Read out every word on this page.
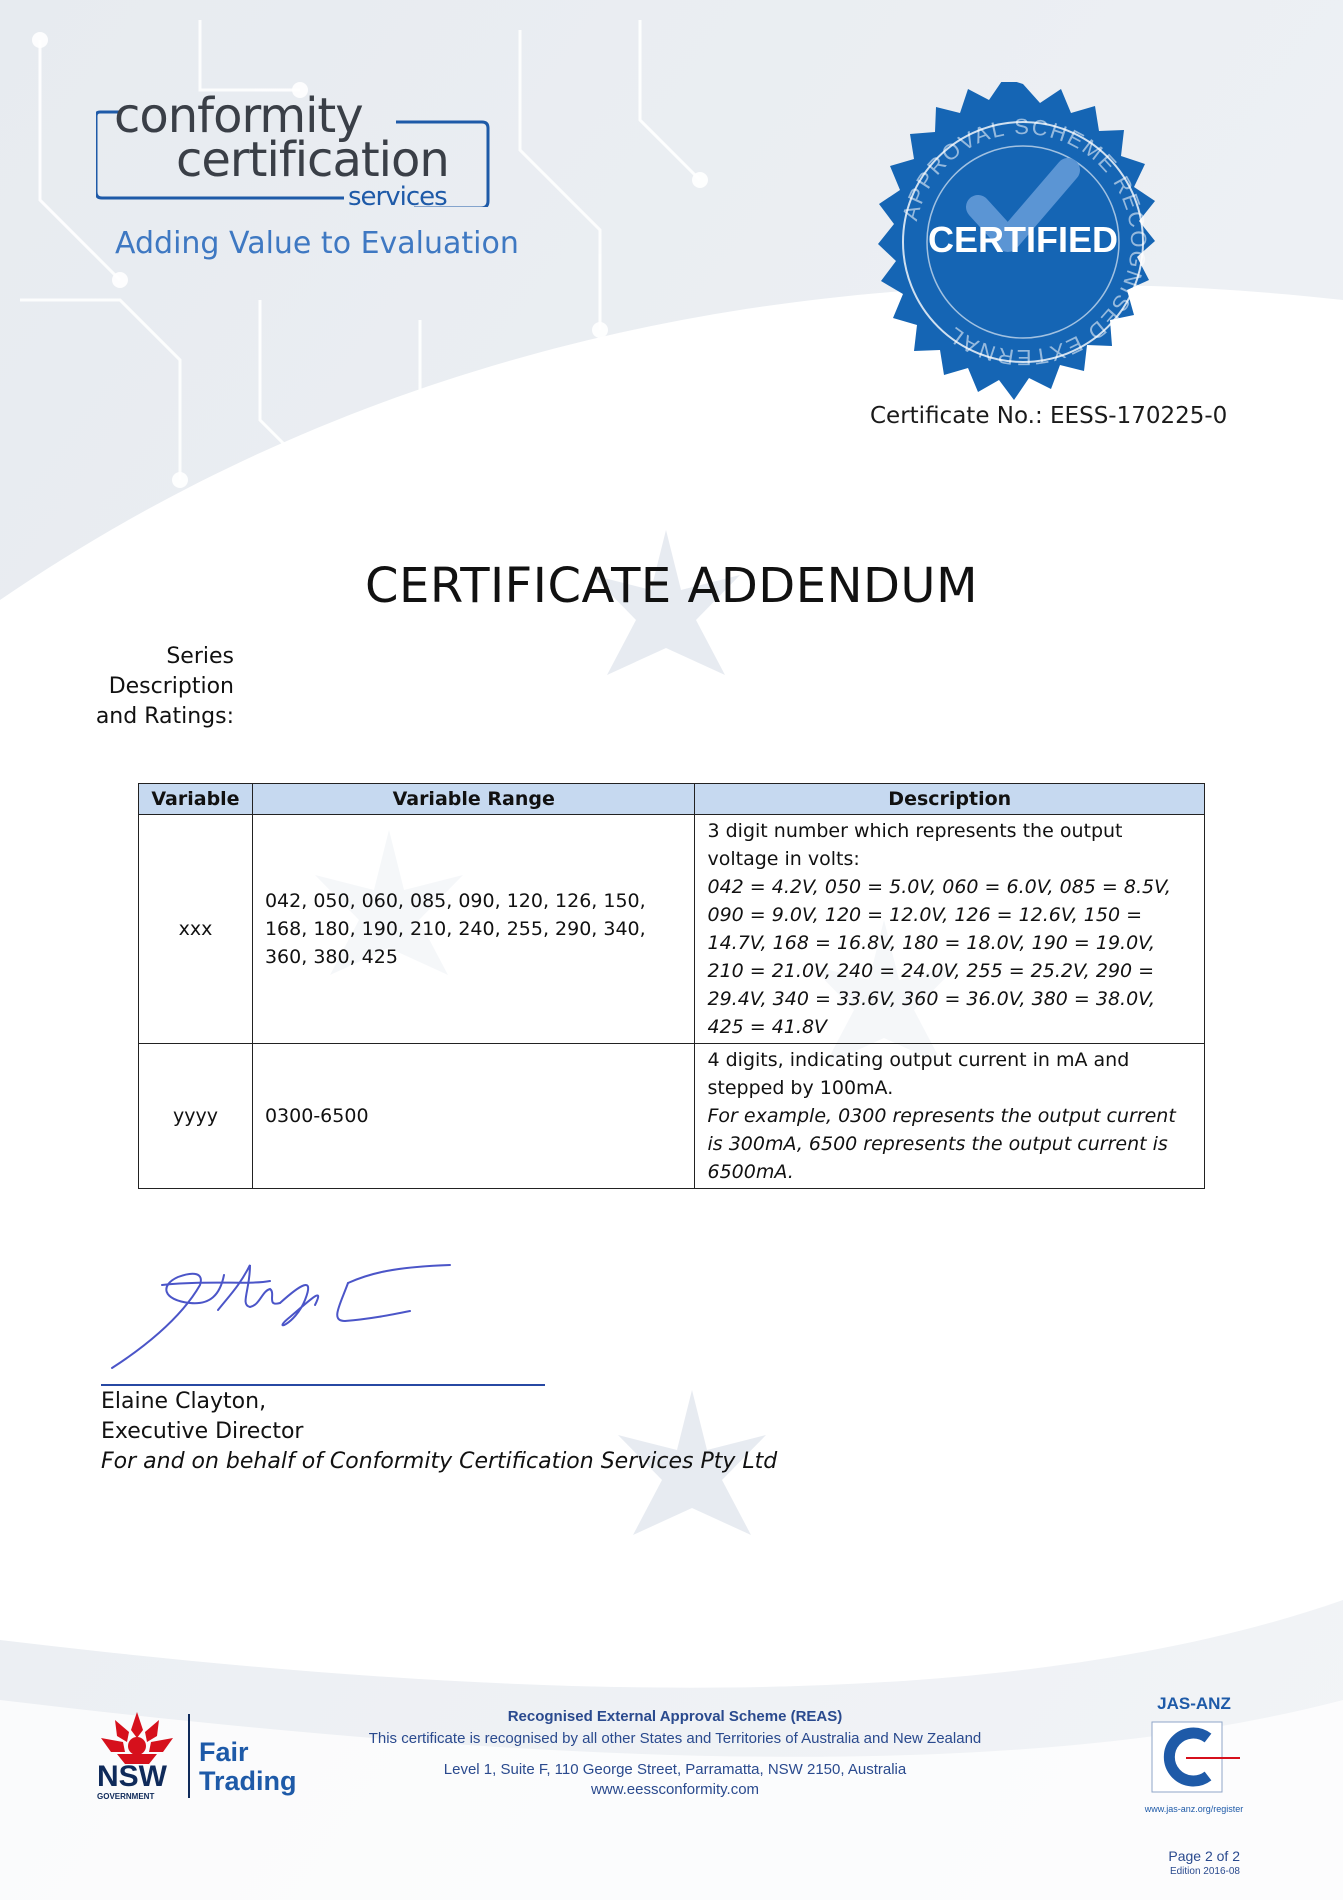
conformity
certification
services
Adding Value to Evaluation	CERTIFIED
APPROVAL SCHEME RECOGNISED EXTERNAL
Certificate No.: EESS-170225-0
CERTIFICATE ADDENDUM
Series
Description
and Ratings:
Variable	Variable Range	Description
xxx	042, 050, 060, 085, 090, 120, 126, 150, 168, 180, 190, 210, 240, 255, 290, 340, 360, 380, 425	3 digit number which represents the output voltage in volts:
042 = 4.2V, 050 = 5.0V, 060 = 6.0V, 085 = 8.5V, 090 = 9.0V, 120 = 12.0V, 126 = 12.6V, 150 = 14.7V, 168 = 16.8V, 180 = 18.0V, 190 = 19.0V, 210 = 21.0V, 240 = 24.0V, 255 = 25.2V, 290 = 29.4V, 340 = 33.6V, 360 = 36.0V, 380 = 38.0V, 425 = 41.8V
yyyy	0300-6500	4 digits, indicating output current in mA and stepped by 100mA.
For example, 0300 represents the output current is 300mA, 6500 represents the output current is 6500mA.
Elaine Clayton,
Executive Director
For and on behalf of Conformity Certification Services Pty Ltd
NSW
GOVERNMENT
Fair
Trading
Recognised External Approval Scheme (REAS)
This certificate is recognised by all other States and Territories of Australia and New Zealand
Level 1, Suite F, 110 George Street, Parramatta, NSW 2150, Australia
www.eessconformity.com
JAS-ANZ
www.jas-anz.org/register
Page 2 of 2
Edition 2016-08
